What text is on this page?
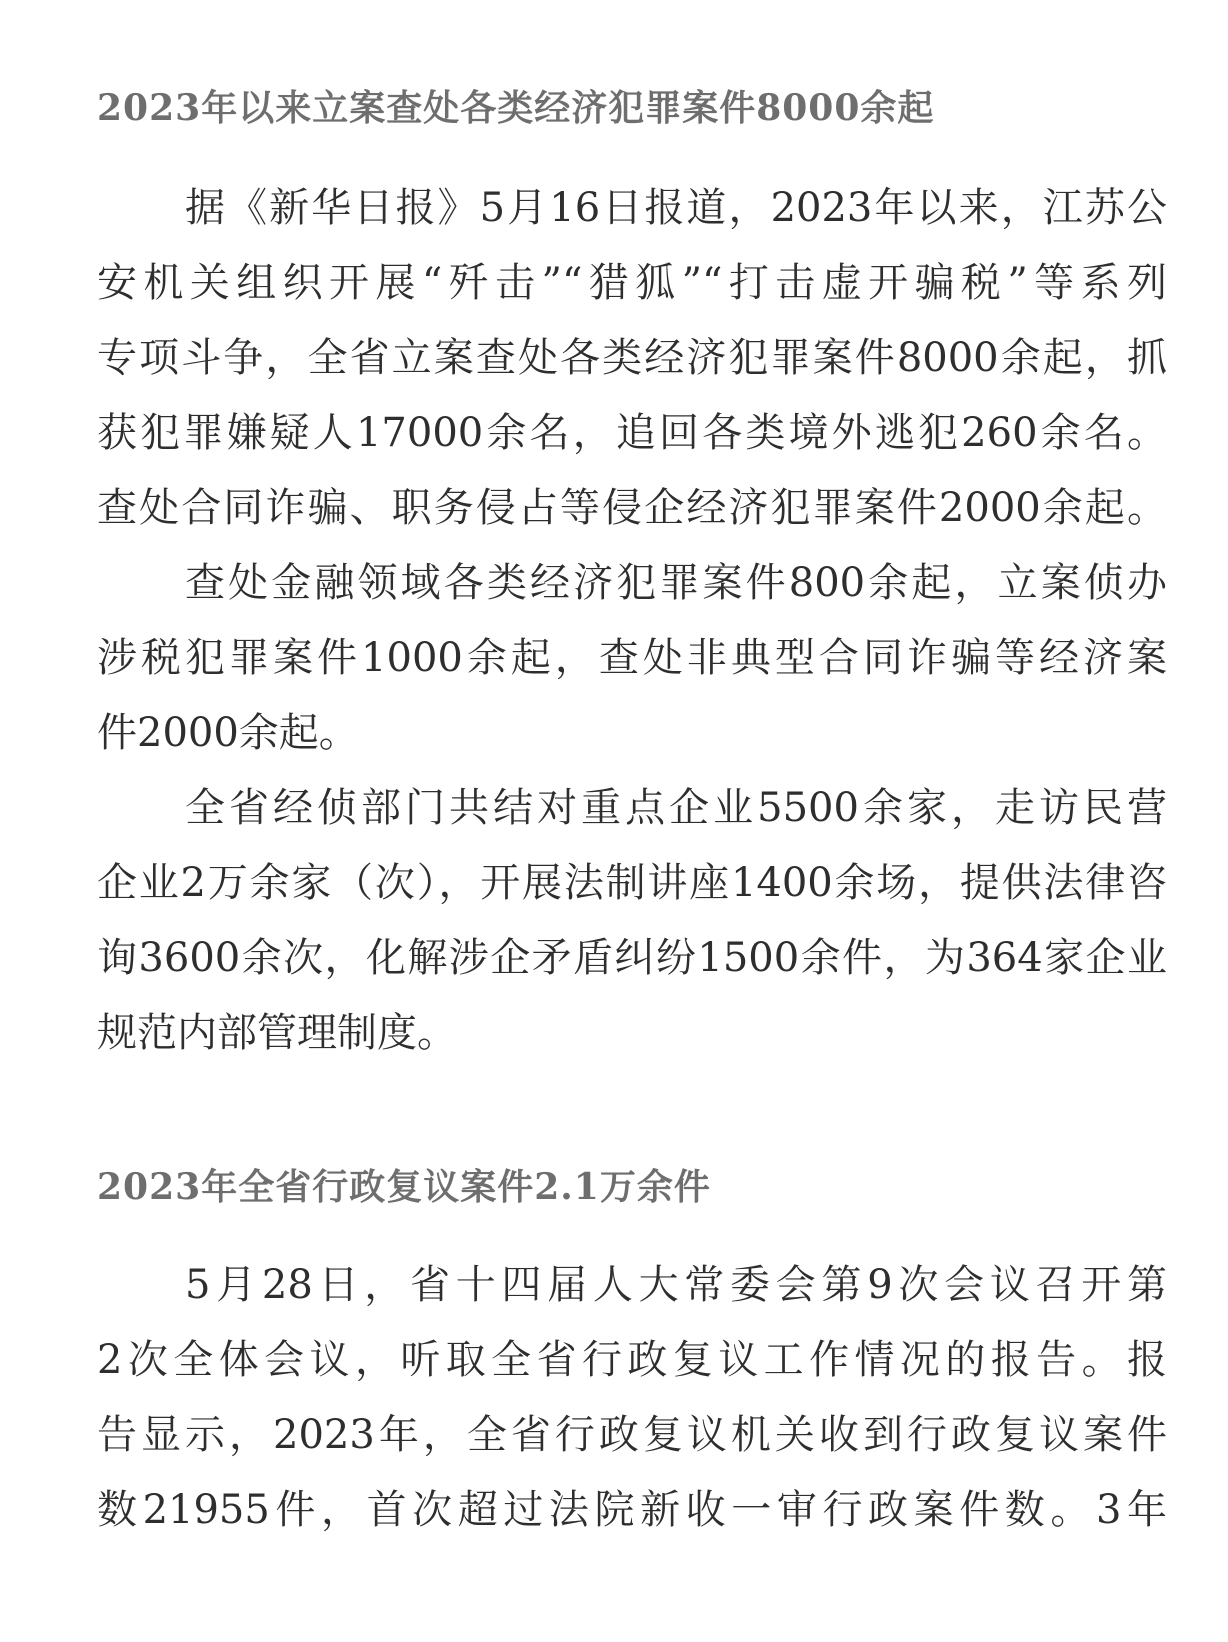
2023年以来立案查处各类经济犯罪案件8000余起
据《新华日报》5月16日报道，2023年以来，江苏公
安机关组织开展“歼击”“猎狐”“打击虚开骗税”等系列
专项斗争，全省立案查处各类经济犯罪案件8000余起，抓
获犯罪嫌疑人17000余名，追回各类境外逃犯260余名。
查处合同诈骗、职务侵占等侵企经济犯罪案件2000余起。
查处金融领域各类经济犯罪案件800余起，立案侦办
涉税犯罪案件1000余起，查处非典型合同诈骗等经济案
件2000余起。
全省经侦部门共结对重点企业5500余家，走访民营
企业2万余家（次），开展法制讲座1400余场，提供法律咨
询3600余次，化解涉企矛盾纠纷1500余件，为364家企业
规范内部管理制度。
2023年全省行政复议案件2.1万余件
5月28日，省十四届人大常委会第9次会议召开第
2次全体会议，听取全省行政复议工作情况的报告。报
告显示，2023年，全省行政复议机关收到行政复议案件
数21955件，首次超过法院新收一审行政案件数。3年
